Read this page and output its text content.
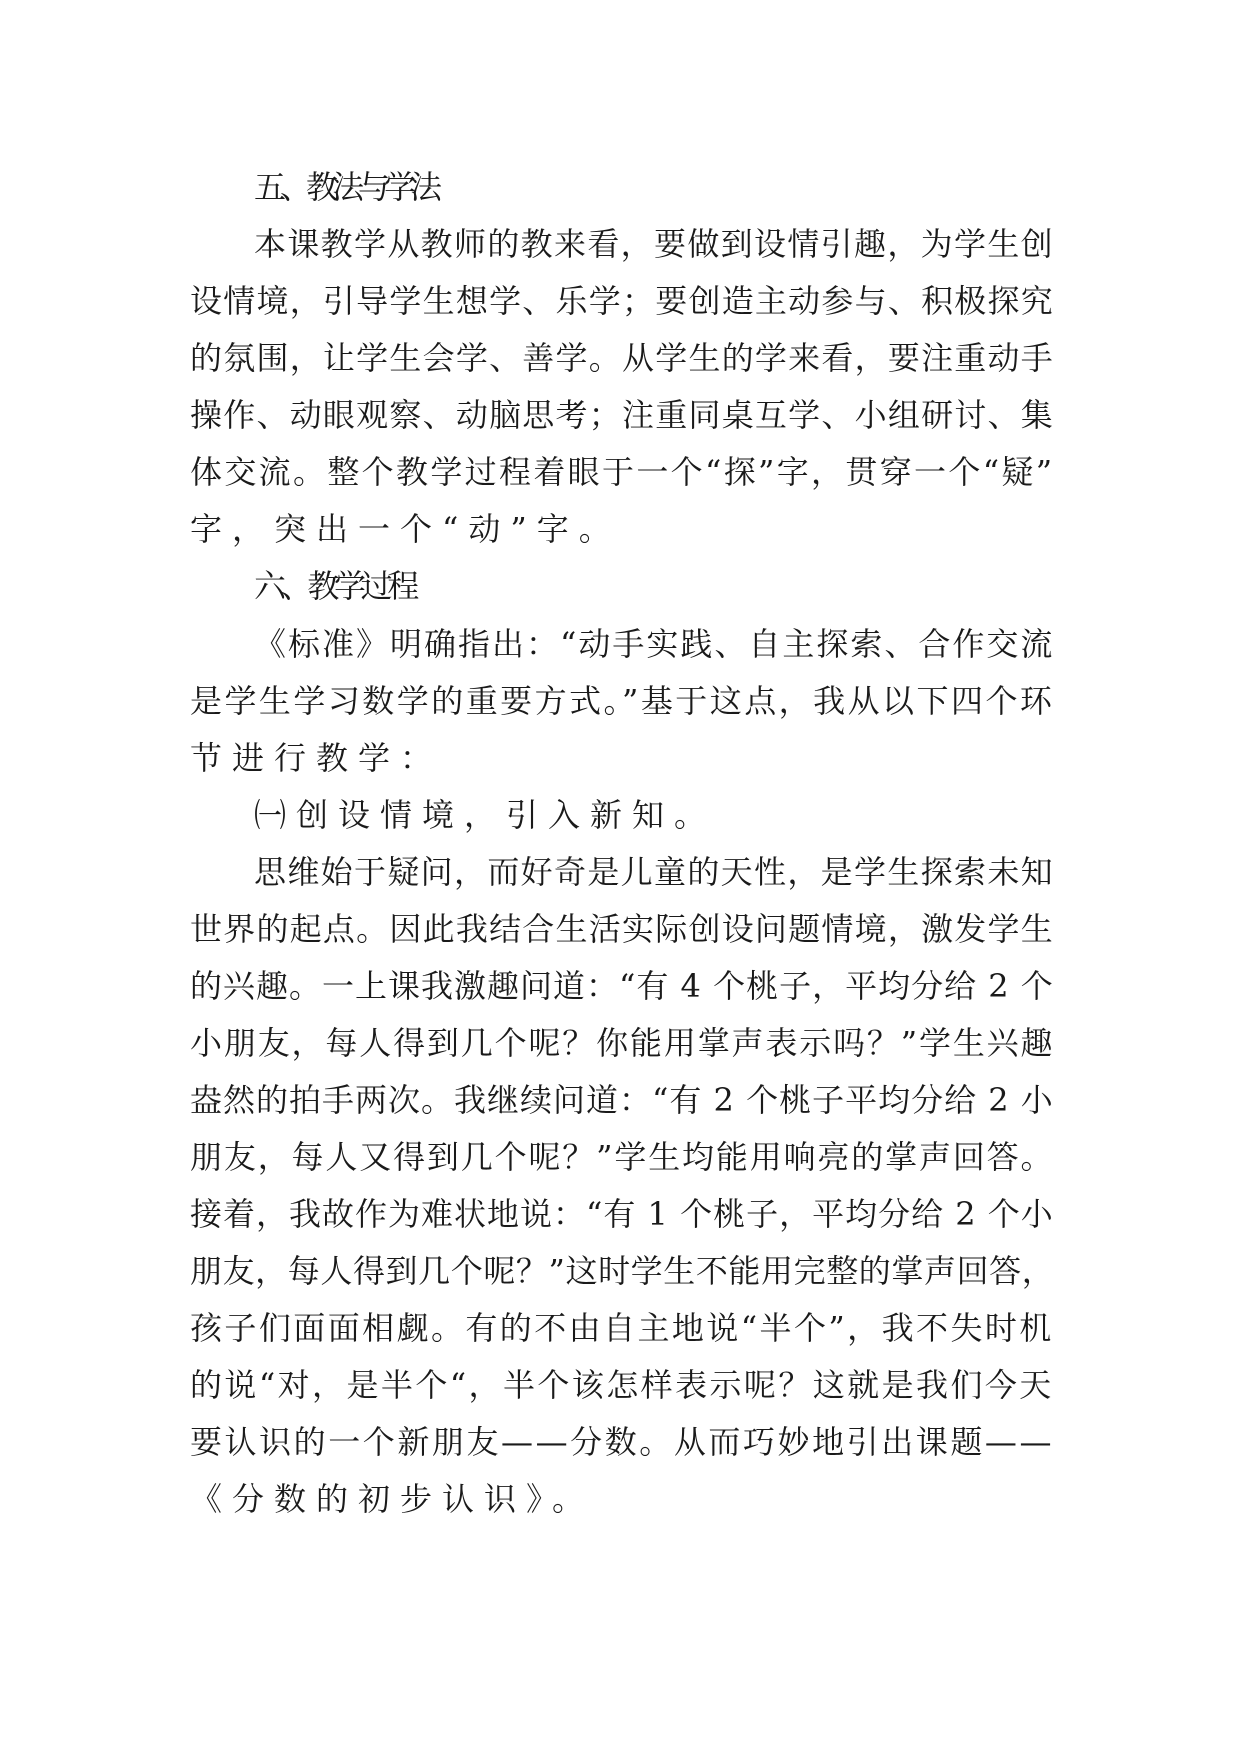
五、教法与学法
本课教学从教师的教来看，要做到设情引趣，为学生创
设情境，引导学生想学、乐学；要创造主动参与、积极探究
的氛围，让学生会学、善学。从学生的学来看，要注重动手
操作、动眼观察、动脑思考；注重同桌互学、小组研讨、集
体交流。整个教学过程着眼于一个“探”字，贯穿一个“疑”
字，突出一个“动”字。
六、教学过程
《标准》明确指出：“动手实践、自主探索、合作交流
是学生学习数学的重要方式。”基于这点，我从以下四个环
节进行教学：
㈠创设情境，引入新知。
思维始于疑问，而好奇是儿童的天性，是学生探索未知
世界的起点。因此我结合生活实际创设问题情境，激发学生
的兴趣。一上课我激趣问道：“有 4 个桃子，平均分给 2 个
小朋友，每人得到几个呢？你能用掌声表示吗？”学生兴趣
盎然的拍手两次。我继续问道：“有 2 个桃子平均分给 2 小
朋友，每人又得到几个呢？”学生均能用响亮的掌声回答。
接着，我故作为难状地说：“有 1 个桃子，平均分给 2 个小
朋友，每人得到几个呢？”这时学生不能用完整的掌声回答，
孩子们面面相觑。有的不由自主地说“半个”，我不失时机
的说“对，是半个“，半个该怎样表示呢？这就是我们今天
要认识的一个新朋友——分数。从而巧妙地引出课题——
《分数的初步认识》。
